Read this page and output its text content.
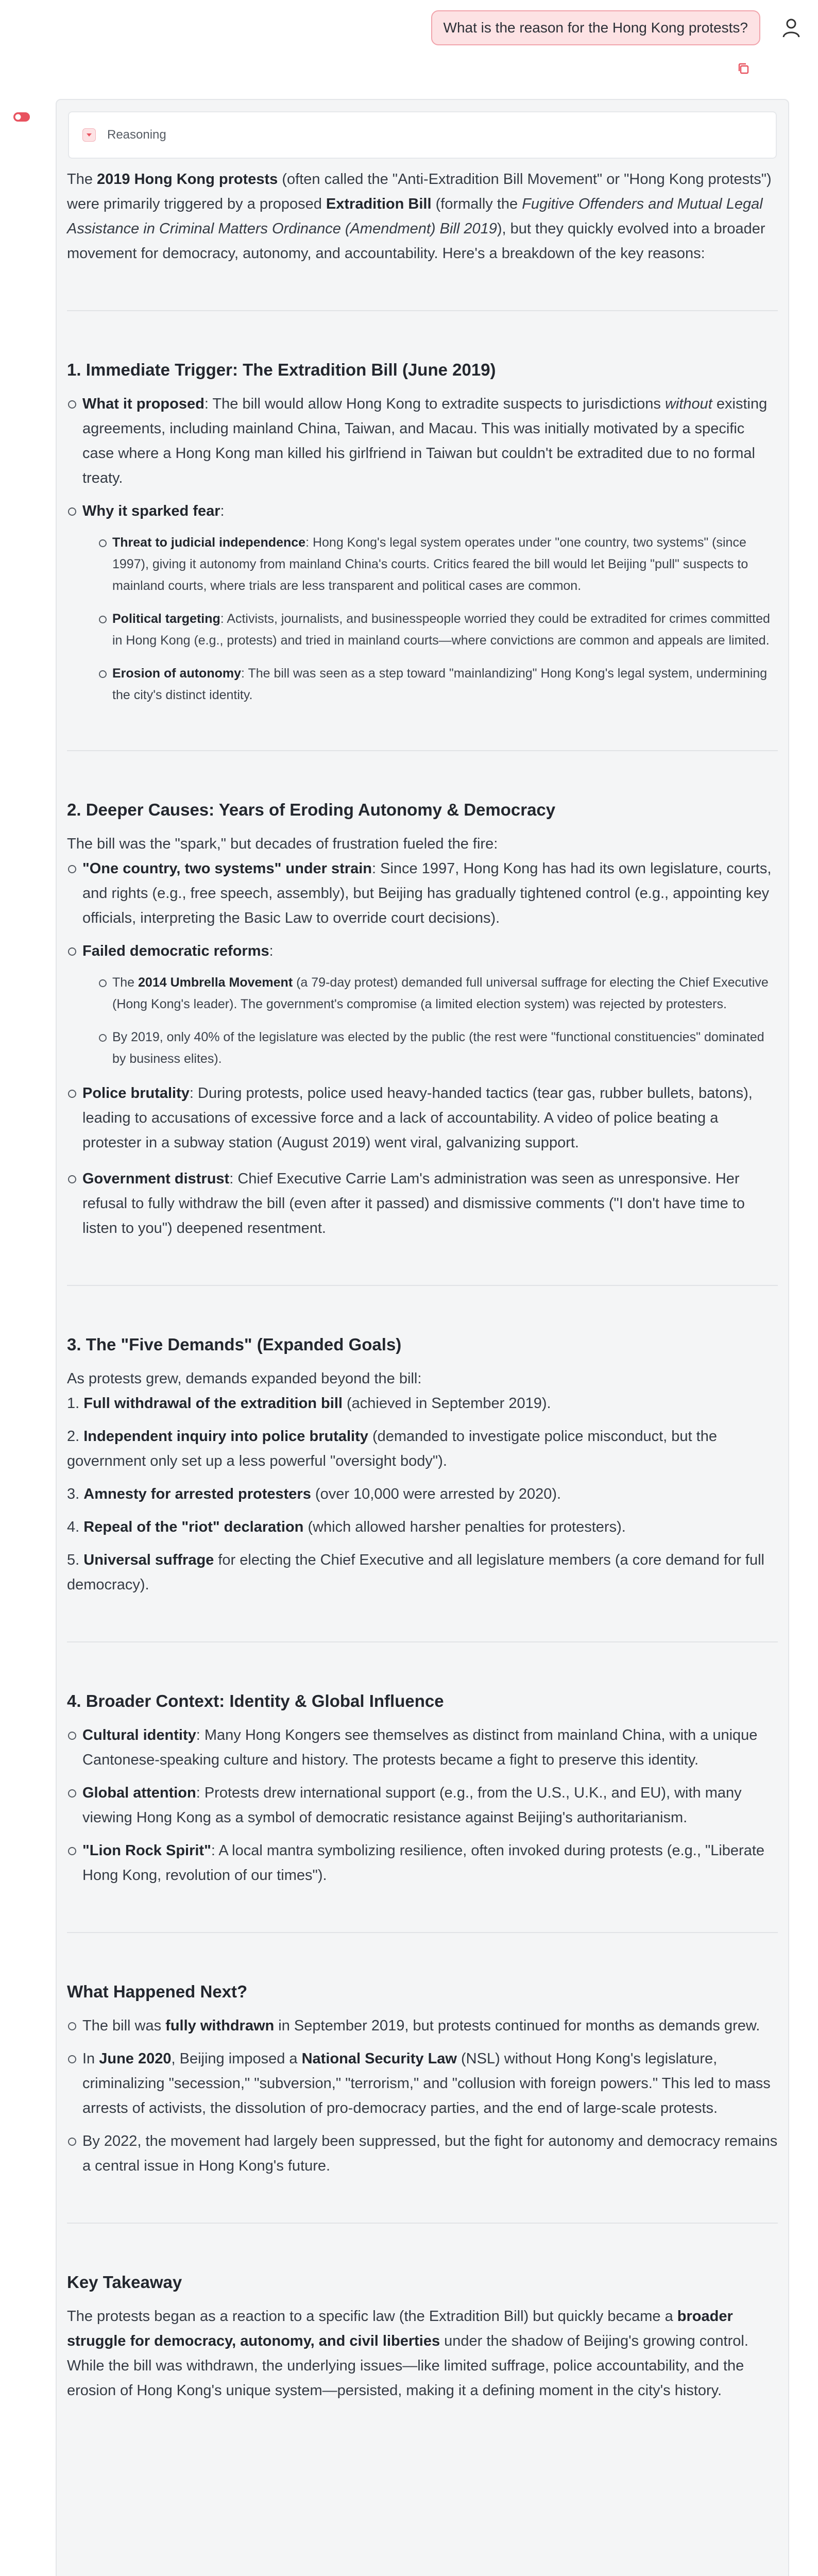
What is the reason for the Hong Kong protests?
Reasoning

The 2019 Hong Kong protests (often called the "Anti-Extradition Bill Movement" or "Hong Kong protests") were primarily triggered by a proposed Extradition Bill (formally the Fugitive Offenders and Mutual Legal Assistance in Criminal Matters Ordinance (Amendment) Bill 2019), but they quickly evolved into a broader movement for democracy, autonomy, and accountability. Here's a breakdown of the key reasons:

1. Immediate Trigger: The Extradition Bill (June 2019)
What it proposed: The bill would allow Hong Kong to extradite suspects to jurisdictions without existing agreements, including mainland China, Taiwan, and Macau. This was initially motivated by a specific case where a Hong Kong man killed his girlfriend in Taiwan but couldn't be extradited due to no formal treaty.
Why it sparked fear:
Threat to judicial independence: Hong Kong's legal system operates under "one country, two systems" (since 1997), giving it autonomy from mainland China's courts. Critics feared the bill would let Beijing "pull" suspects to mainland courts, where trials are less transparent and political cases are common.
Political targeting: Activists, journalists, and businesspeople worried they could be extradited for crimes committed in Hong Kong (e.g., protests) and tried in mainland courts—where convictions are common and appeals are limited.
Erosion of autonomy: The bill was seen as a step toward "mainlandizing" Hong Kong's legal system, undermining the city's distinct identity.
2. Deeper Causes: Years of Eroding Autonomy & Democracy

The bill was the "spark," but decades of frustration fueled the fire:

"One country, two systems" under strain: Since 1997, Hong Kong has had its own legislature, courts, and rights (e.g., free speech, assembly), but Beijing has gradually tightened control (e.g., appointing key officials, interpreting the Basic Law to override court decisions).
Failed democratic reforms:
The 2014 Umbrella Movement (a 79-day protest) demanded full universal suffrage for electing the Chief Executive (Hong Kong's leader). The government's compromise (a limited election system) was rejected by protesters.
By 2019, only 40% of the legislature was elected by the public (the rest were "functional constituencies" dominated by business elites).
Police brutality: During protests, police used heavy-handed tactics (tear gas, rubber bullets, batons), leading to accusations of excessive force and a lack of accountability. A video of police beating a protester in a subway station (August 2019) went viral, galvanizing support.
Government distrust: Chief Executive Carrie Lam's administration was seen as unresponsive. Her refusal to fully withdraw the bill (even after it passed) and dismissive comments ("I don't have time to listen to you") deepened resentment.
3. The "Five Demands" (Expanded Goals)

As protests grew, demands expanded beyond the bill:

1. Full withdrawal of the extradition bill (achieved in September 2019).
2. Independent inquiry into police brutality (demanded to investigate police misconduct, but the government only set up a less powerful "oversight body").
3. Amnesty for arrested protesters (over 10,000 were arrested by 2020).
4. Repeal of the "riot" declaration (which allowed harsher penalties for protesters).
5. Universal suffrage for electing the Chief Executive and all legislature members (a core demand for full democracy).
4. Broader Context: Identity & Global Influence
Cultural identity: Many Hong Kongers see themselves as distinct from mainland China, with a unique Cantonese-speaking culture and history. The protests became a fight to preserve this identity.
Global attention: Protests drew international support (e.g., from the U.S., U.K., and EU), with many viewing Hong Kong as a symbol of democratic resistance against Beijing's authoritarianism.
"Lion Rock Spirit": A local mantra symbolizing resilience, often invoked during protests (e.g., "Liberate Hong Kong, revolution of our times").
What Happened Next?
The bill was fully withdrawn in September 2019, but protests continued for months as demands grew.
In June 2020, Beijing imposed a National Security Law (NSL) without Hong Kong's legislature, criminalizing "secession," "subversion," "terrorism," and "collusion with foreign powers." This led to mass arrests of activists, the dissolution of pro-democracy parties, and the end of large-scale protests.
By 2022, the movement had largely been suppressed, but the fight for autonomy and democracy remains a central issue in Hong Kong's future.
Key Takeaway

The protests began as a reaction to a specific law (the Extradition Bill) but quickly became a broader struggle for democracy, autonomy, and civil liberties under the shadow of Beijing's growing control. While the bill was withdrawn, the underlying issues—like limited suffrage, police accountability, and the erosion of Hong Kong's unique system—persisted, making it a defining moment in the city's history.
